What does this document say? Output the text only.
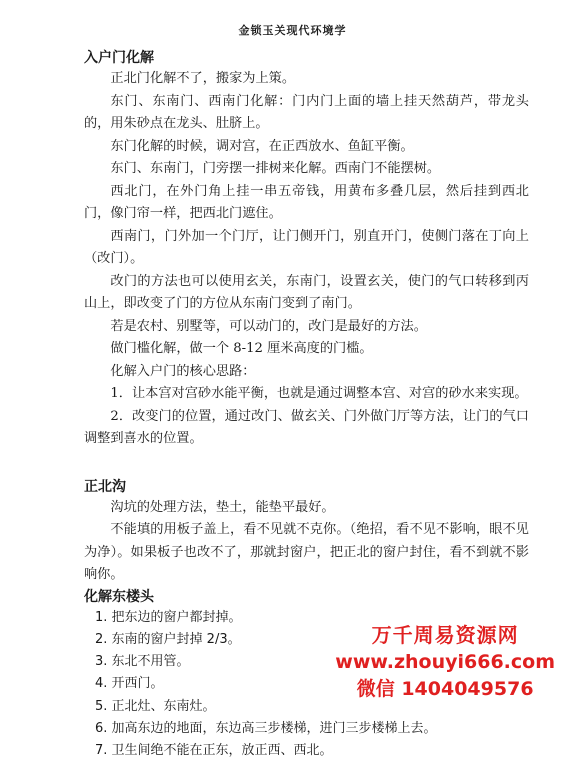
金锁玉关现代环境学
入户门化解

正北门化解不了，搬家为上策。

东门、东南门、西南门化解：门内门上面的墙上挂天然葫芦，带龙头的，用朱砂点在龙头、肚脐上。

东门化解的时候，调对宫，在正西放水、鱼缸平衡。

东门、东南门，门旁摆一排树来化解。西南门不能摆树。

西北门，在外门角上挂一串五帝钱，用黄布多叠几层，然后挂到西北门，像门帘一样，把西北门遮住。

西南门，门外加一个门厅，让门侧开门，别直开门，使侧门落在丁向上（改门）。

改门的方法也可以使用玄关，东南门，设置玄关，使门的气口转移到丙山上，即改变了门的方位从东南门变到了南门。

若是农村、别墅等，可以动门的，改门是最好的方法。

做门槛化解，做一个 8-12 厘米高度的门槛。

化解入户门的核心思路：

1．让本宫对宫砂水能平衡，也就是通过调整本宫、对宫的砂水来实现。

2．改变门的位置，通过改门、做玄关、门外做门厅等方法，让门的气口调整到喜水的位置。

正北沟

沟坑的处理方法，垫土，能垫平最好。

不能填的用板子盖上，看不见就不克你。（绝招，看不见不影响，眼不见为净）。如果板子也改不了，那就封窗户，把正北的窗户封住，看不到就不影响你。

化解东楼头

1. 把东边的窗户都封掉。

2. 东南的窗户封掉 2/3。

3. 东北不用管。

4. 开西门。

5. 正北灶、东南灶。

6. 加高东边的地面，东边高三步楼梯，进门三步楼梯上去。

7. 卫生间绝不能在正东，放正西、西北。

万千周易资源网
www.zhouyi666.com
微信 1404049576
